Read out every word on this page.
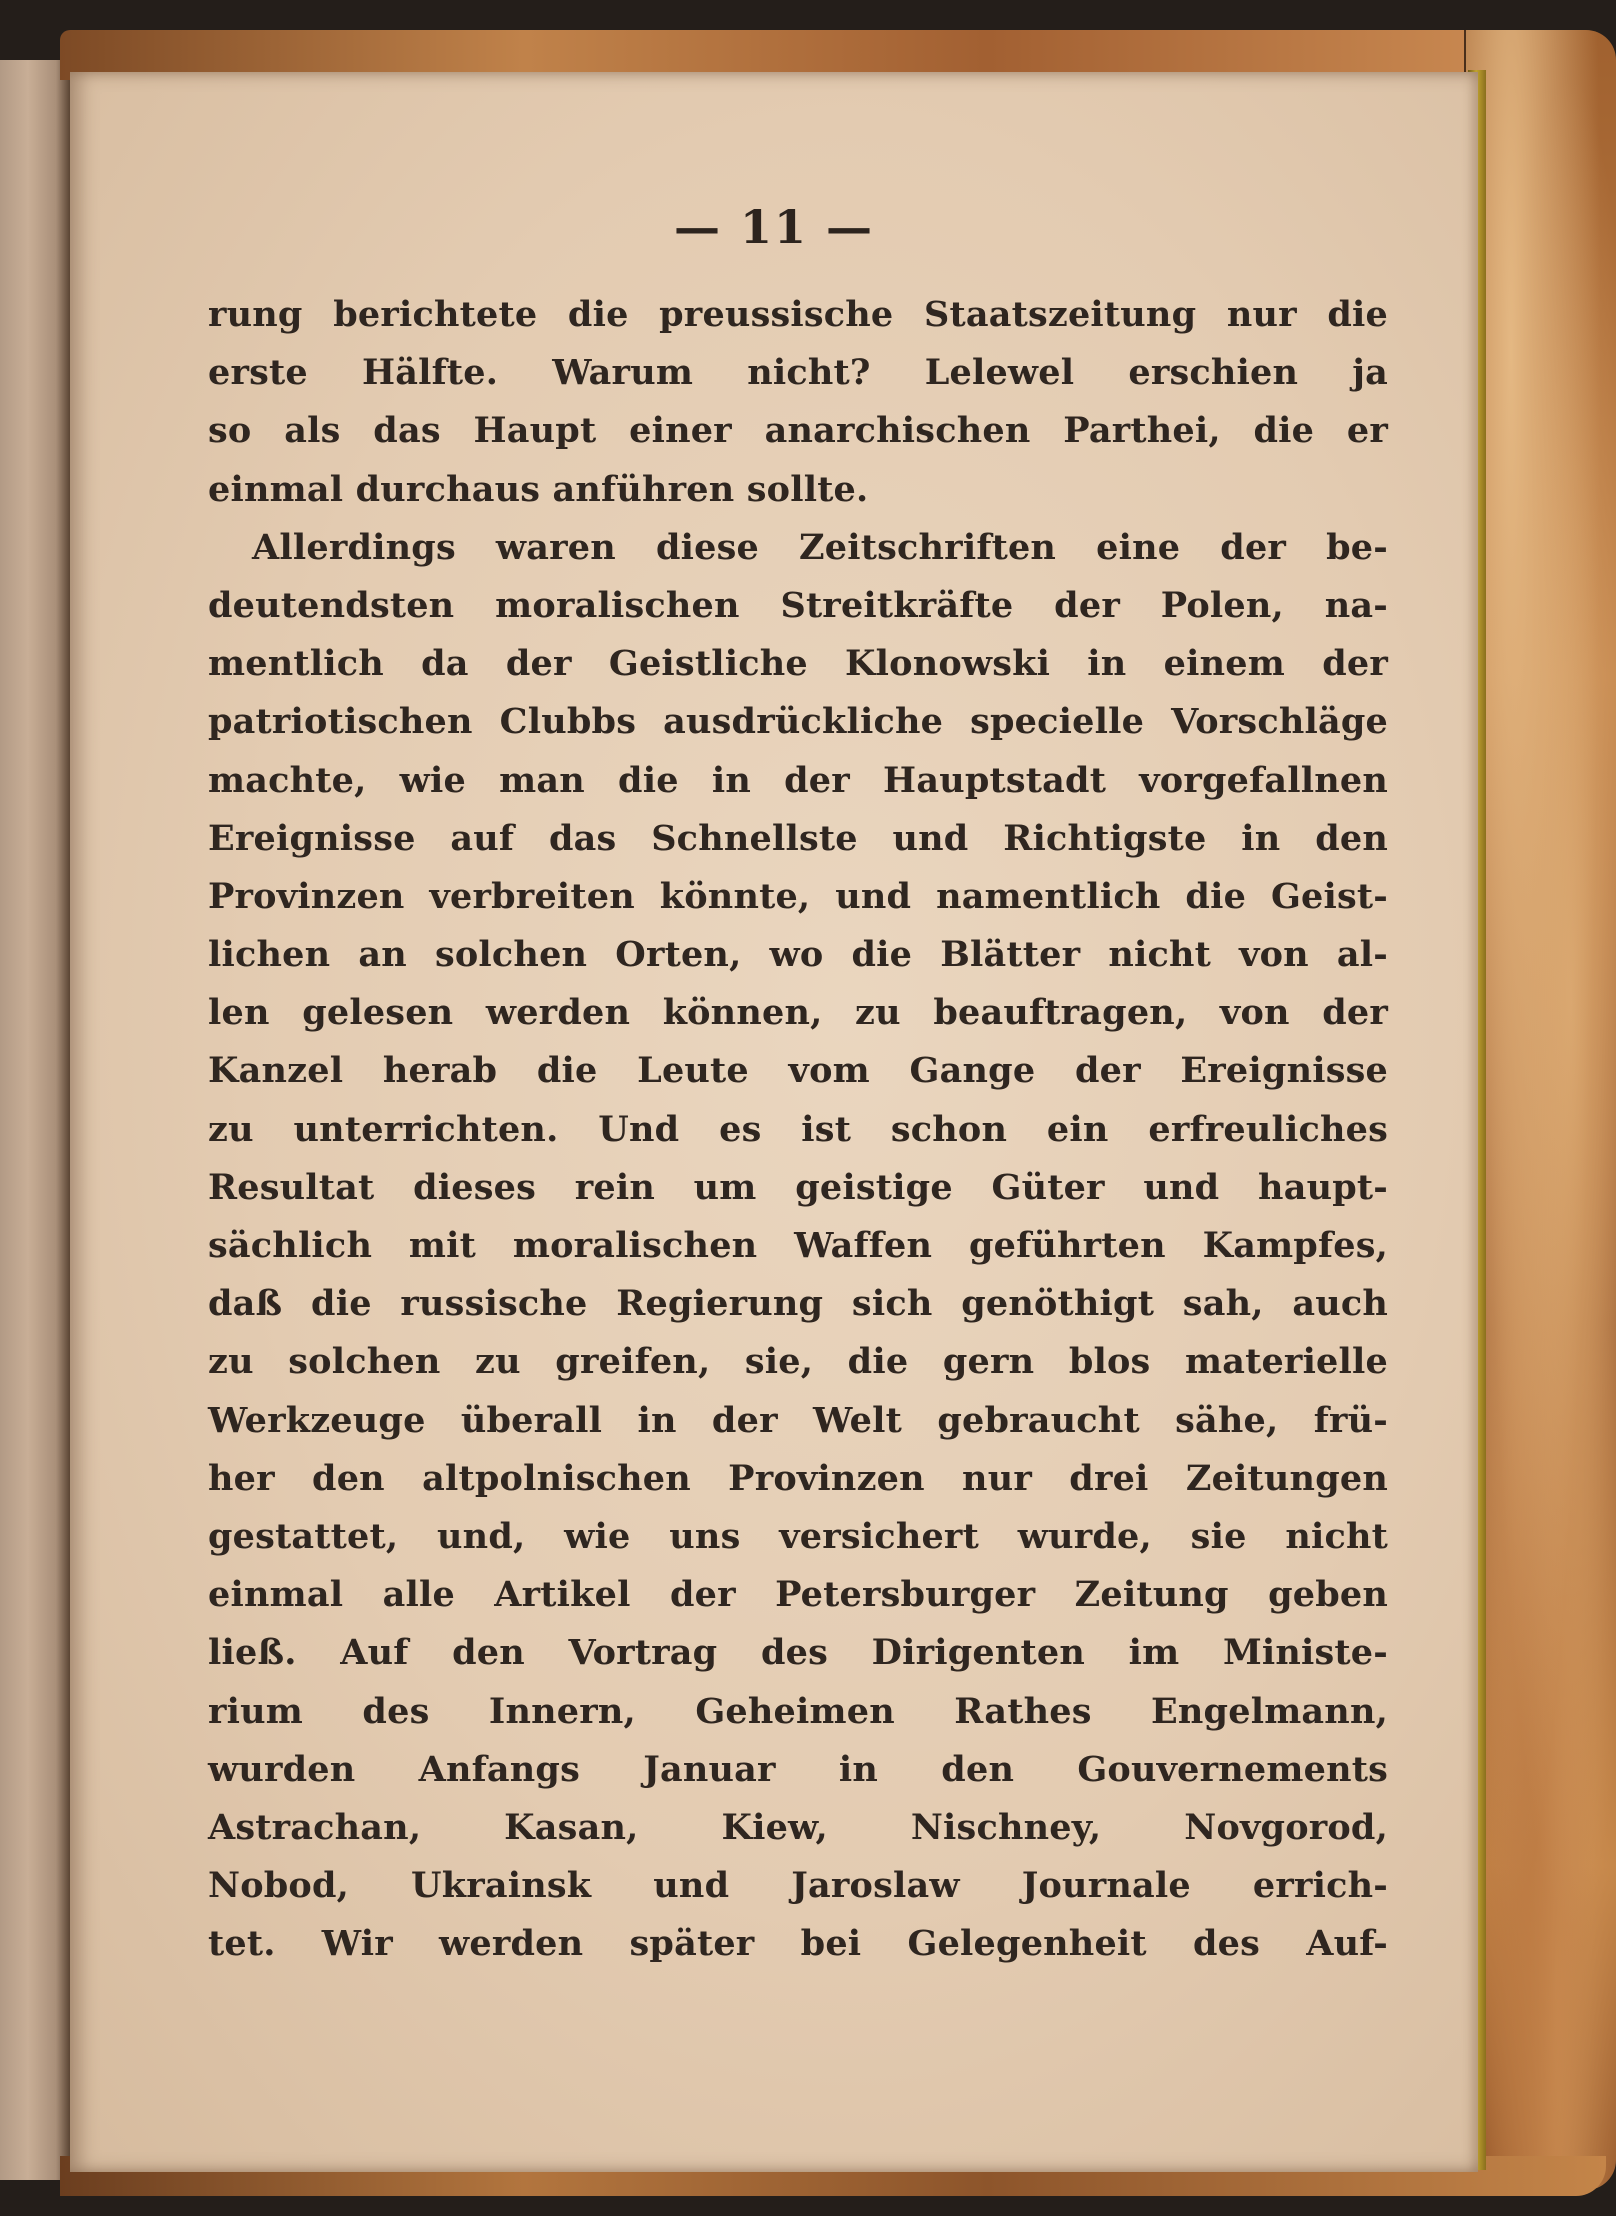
— 11 —
rung berichtete die preussische Staatszeitung nur die
erste Hälfte. Warum nicht? Lelewel erschien ja
so als das Haupt einer anarchischen Parthei, die er
einmal durchaus anführen sollte.
Allerdings waren diese Zeitschriften eine der be-
deutendsten moralischen Streitkräfte der Polen, na-
mentlich da der Geistliche Klonowski in einem der
patriotischen Clubbs ausdrückliche specielle Vorschläge
machte, wie man die in der Hauptstadt vorgefallnen
Ereignisse auf das Schnellste und Richtigste in den
Provinzen verbreiten könnte, und namentlich die Geist-
lichen an solchen Orten, wo die Blätter nicht von al-
len gelesen werden können, zu beauftragen, von der
Kanzel herab die Leute vom Gange der Ereignisse
zu unterrichten. Und es ist schon ein erfreuliches
Resultat dieses rein um geistige Güter und haupt-
sächlich mit moralischen Waffen geführten Kampfes,
daß die russische Regierung sich genöthigt sah, auch
zu solchen zu greifen, sie, die gern blos materielle
Werkzeuge überall in der Welt gebraucht sähe, frü-
her den altpolnischen Provinzen nur drei Zeitungen
gestattet, und, wie uns versichert wurde, sie nicht
einmal alle Artikel der Petersburger Zeitung geben
ließ. Auf den Vortrag des Dirigenten im Ministe-
rium des Innern, Geheimen Rathes Engelmann,
wurden Anfangs Januar in den Gouvernements
Astrachan, Kasan, Kiew, Nischney, Novgorod,
Nobod, Ukrainsk und Jaroslaw Journale errich-
tet. Wir werden später bei Gelegenheit des Auf-
